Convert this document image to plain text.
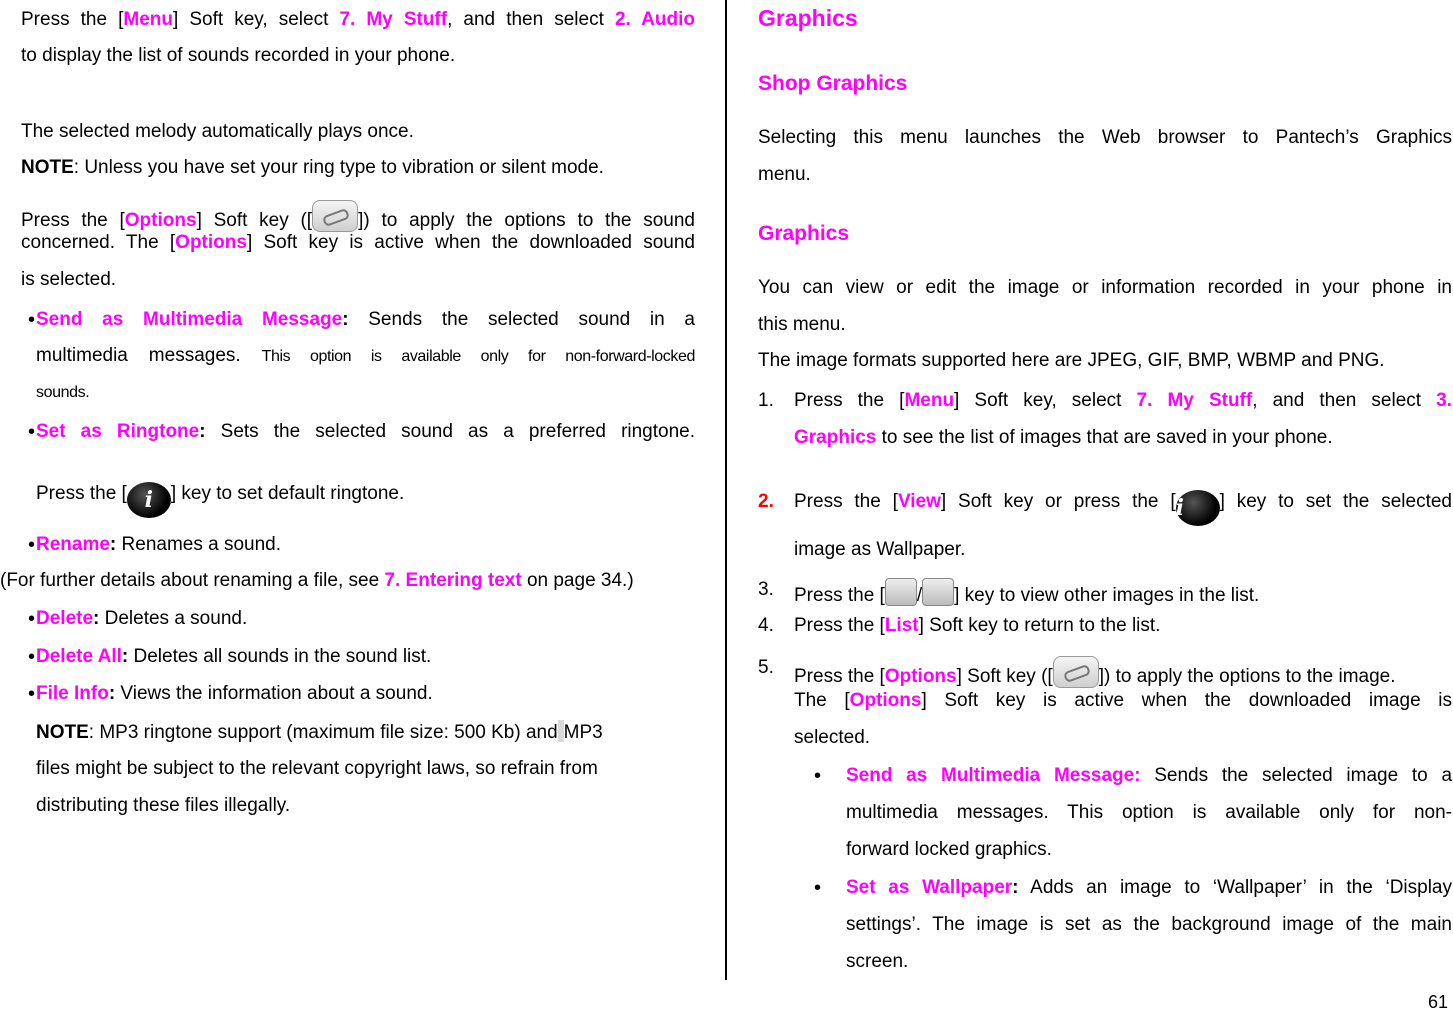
Press the [Menu] Soft key, select 7. My Stuff, and then select 2. Audio
to display the list of sounds recorded in your phone.
The selected melody automatically plays once.
NOTE: Unless you have set your ring type to vibration or silent mode.
Press the [Options] Soft key ([ ]) to apply the options to the sound
concerned. The [Options] Soft key is active when the downloaded sound
is selected.
• Send as Multimedia Message: Sends the selected sound in a
multimedia messages. This option is available only for non-forward-locked
sounds.
• Set as Ringtone: Sets the selected sound as a preferred ringtone.
Press the [ i ] key to set default ringtone.
• Rename: Renames a sound.
(For further details about renaming a file, see 7. Entering text on page 34.)
• Delete: Deletes a sound.
• Delete All: Deletes all sounds in the sound list.
• File Info: Views the information about a sound.
NOTE: MP3 ringtone support (maximum file size: 500 Kb) and MP3
files might be subject to the relevant copyright laws, so refrain from
distributing these files illegally.
Graphics
Shop Graphics
Selecting this menu launches the Web browser to Pantech’s Graphics
menu.
Graphics
You can view or edit the image or information recorded in your phone in
this menu.
The image formats supported here are JPEG, GIF, BMP, WBMP and PNG.
1. Press the [Menu] Soft key, select 7. My Stuff, and then select 3.
Graphics to see the list of images that are saved in your phone.
2. Press the [View] Soft key or press the [i ] key to set the selected
image as Wallpaper.
3. Press the [ / ] key to view other images in the list.
4. Press the [List] Soft key to return to the list.
5. Press the [Options] Soft key ([ ]) to apply the options to the image.
The [Options] Soft key is active when the downloaded image is
selected.
• Send as Multimedia Message: Sends the selected image to a
multimedia messages. This option is available only for non-
forward locked graphics.
• Set as Wallpaper: Adds an image to ‘Wallpaper’ in the ‘Display
settings’. The image is set as the background image of the main
screen.
61
